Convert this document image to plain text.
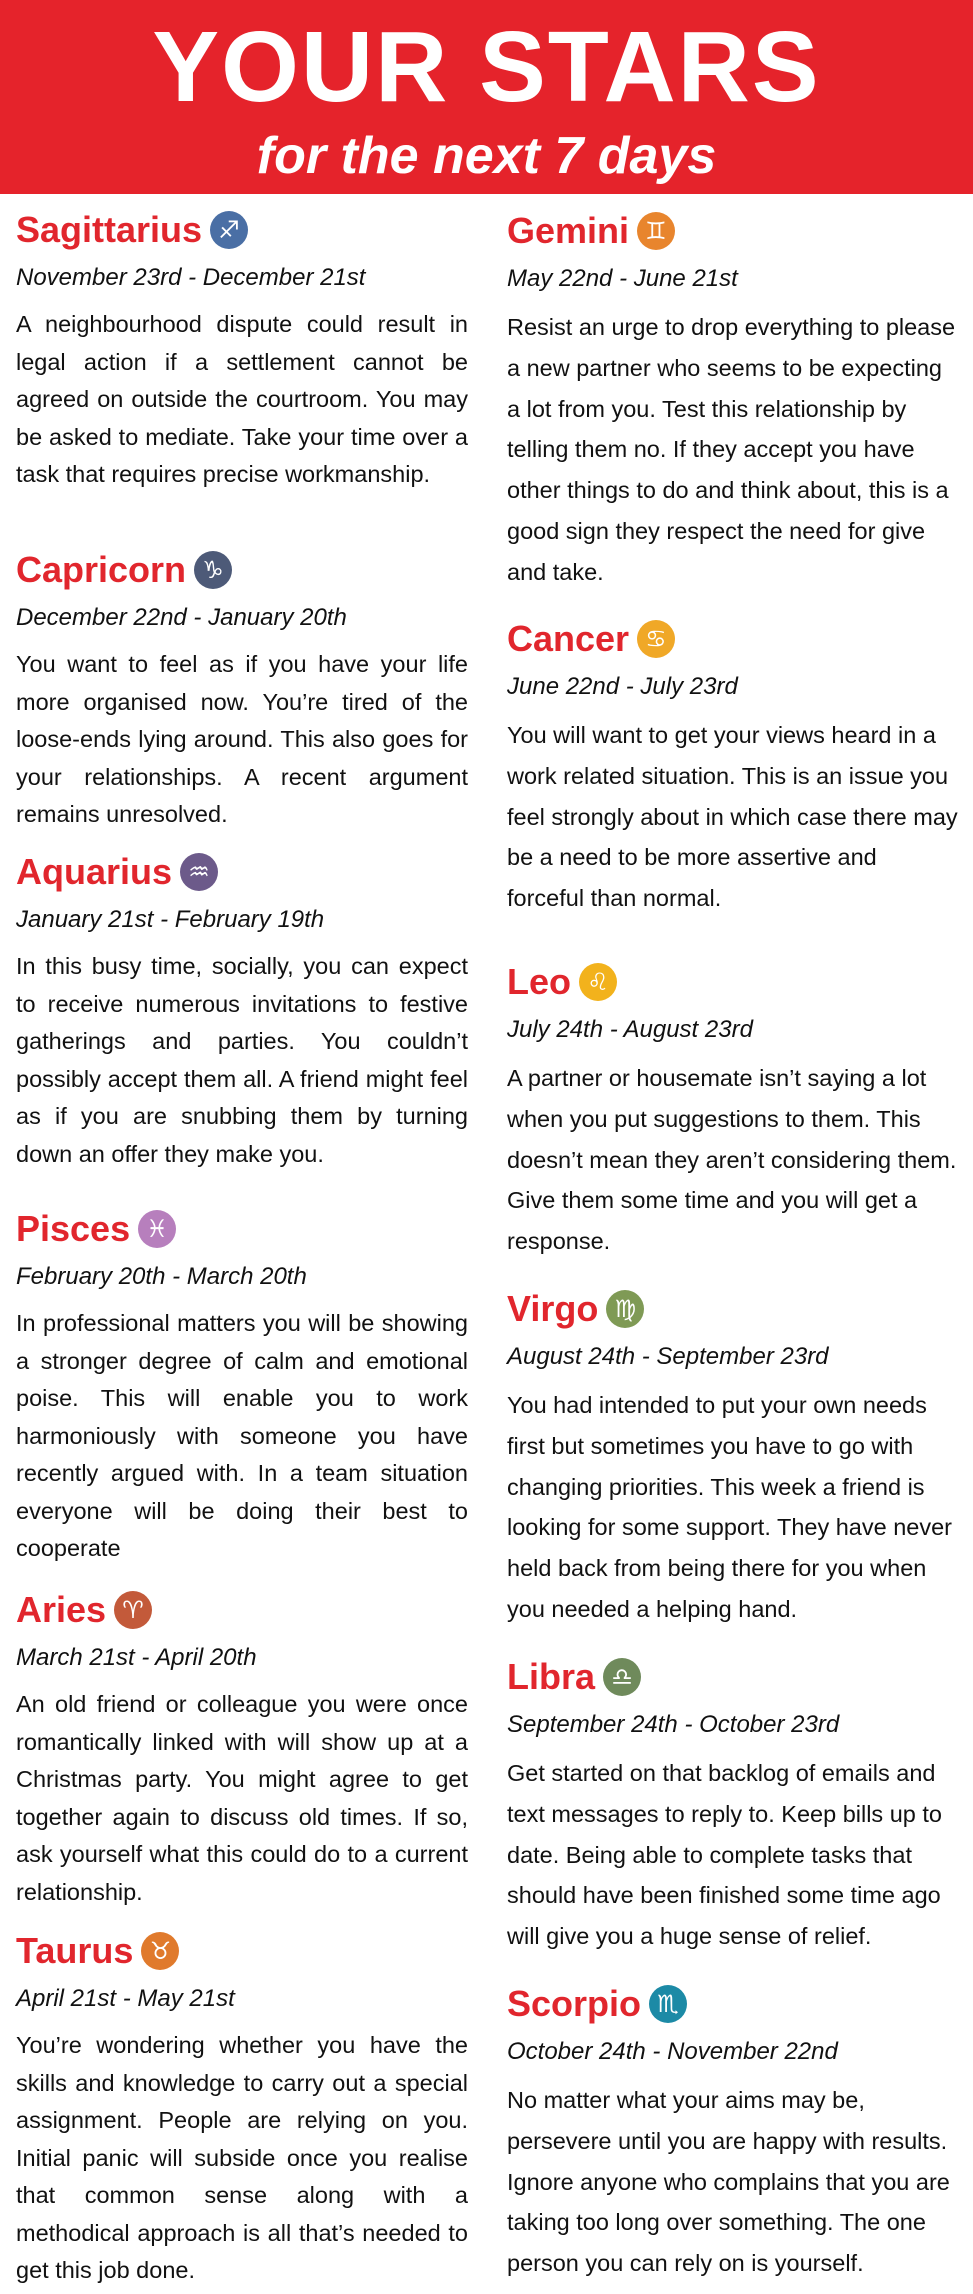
YOUR STARS
for the next 7 days
Sagittarius ♐
November 23rd - December 21st

A neighbourhood dispute could result in legal action if a settlement cannot be agreed on outside the courtroom. You may be asked to mediate. Take your time over a task that requires precise workmanship.

Capricorn ♑
December 22nd - January 20th

You want to feel as if you have your life more organised now. You’re tired of the loose-ends lying around. This also goes for your relationships. A recent argument remains unresolved.

Aquarius ♒
January 21st - February 19th

In this busy time, socially, you can expect to receive numerous invitations to festive gatherings and parties. You couldn’t possibly accept them all. A friend might feel as if you are snubbing them by turning down an offer they make you.

Pisces ♓
February 20th - March 20th

In professional matters you will be showing a stronger degree of calm and emotional poise. This will enable you to work harmoniously with someone you have recently argued with. In a team situation everyone will be doing their best to cooperate

Aries ♈
March 21st - April 20th

An old friend or colleague you were once romantically linked with will show up at a Christmas party. You might agree to get together again to discuss old times. If so, ask yourself what this could do to a current relationship.

Taurus ♉
April 21st - May 21st

You’re wondering whether you have the skills and knowledge to carry out a special assignment. People are relying on you. Initial panic will subside once you realise that common sense along with a methodical approach is all that’s needed to get this job done.

Gemini ♊
May 22nd - June 21st

Resist an urge to drop everything to please a new partner who seems to be expecting a lot from you. Test this relationship by telling them no. If they accept you have other things to do and think about, this is a good sign they respect the need for give and take.

Cancer ♋
June 22nd - July 23rd

You will want to get your views heard in a work related situation. This is an issue you feel strongly about in which case there may be a need to be more assertive and forceful than normal.

Leo ♌
July 24th - August 23rd

A partner or housemate isn’t saying a lot when you put suggestions to them. This doesn’t mean they aren’t considering them. Give them some time and you will get a response.

Virgo ♍
August 24th - September 23rd

You had intended to put your own needs first but sometimes you have to go with changing priorities. This week a friend is looking for some support. They have never held back from being there for you when you needed a helping hand.

Libra ♎
September 24th - October 23rd

Get started on that backlog of emails and text messages to reply to. Keep bills up to date. Being able to complete tasks that should have been finished some time ago will give you a huge sense of relief.

Scorpio ♏
October 24th - November 22nd

No matter what your aims may be, persevere until you are happy with results. Ignore anyone who complains that you are taking too long over something. The one person you can rely on is yourself.
